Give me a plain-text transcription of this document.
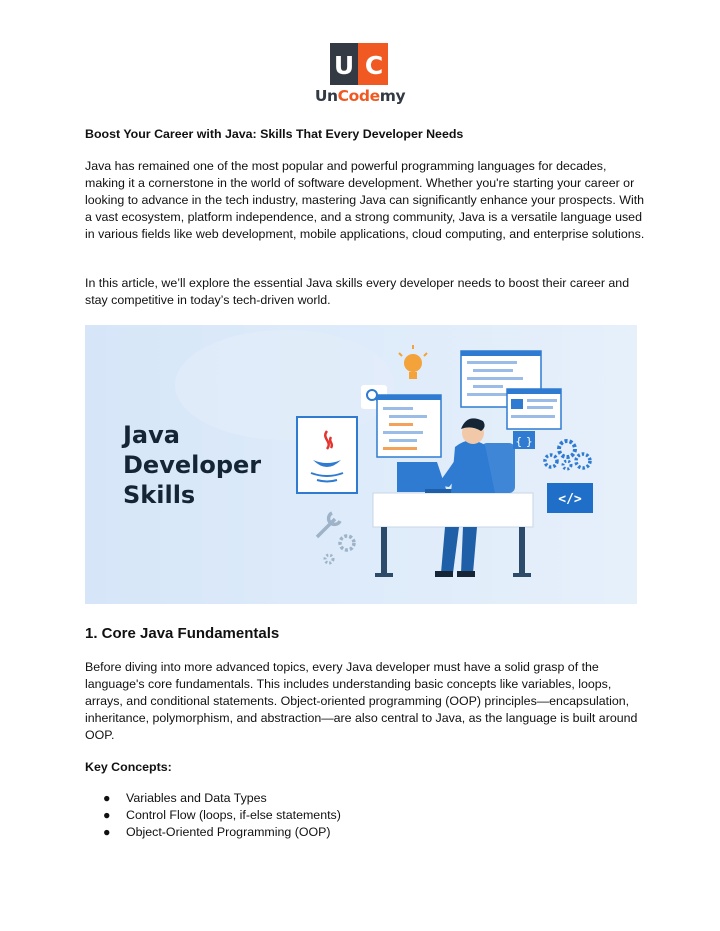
U C
UnCodemy
Boost Your Career with Java: Skills That Every Developer Needs
Java has remained one of the most popular and powerful programming languages for decades, making it a cornerstone in the world of software development. Whether you're starting your career or looking to advance in the tech industry, mastering Java can significantly enhance your prospects. With a vast ecosystem, platform independence, and a strong community, Java is a versatile language used in various fields like web development, mobile applications, cloud computing, and enterprise solutions.
In this article, we’ll explore the essential Java skills every developer needs to boost their career and stay competitive in today’s tech-driven world.
Java
Developer
Skills
{ }
</>
1. Core Java Fundamentals
Before diving into more advanced topics, every Java developer must have a solid grasp of the language's core fundamentals. This includes understanding basic concepts like variables, loops, arrays, and conditional statements. Object-oriented programming (OOP) principles—encapsulation, inheritance, polymorphism, and abstraction—are also central to Java, as the language is built around OOP.
Key Concepts:
● Variables and Data Types
● Control Flow (loops, if-else statements)
● Object-Oriented Programming (OOP)
